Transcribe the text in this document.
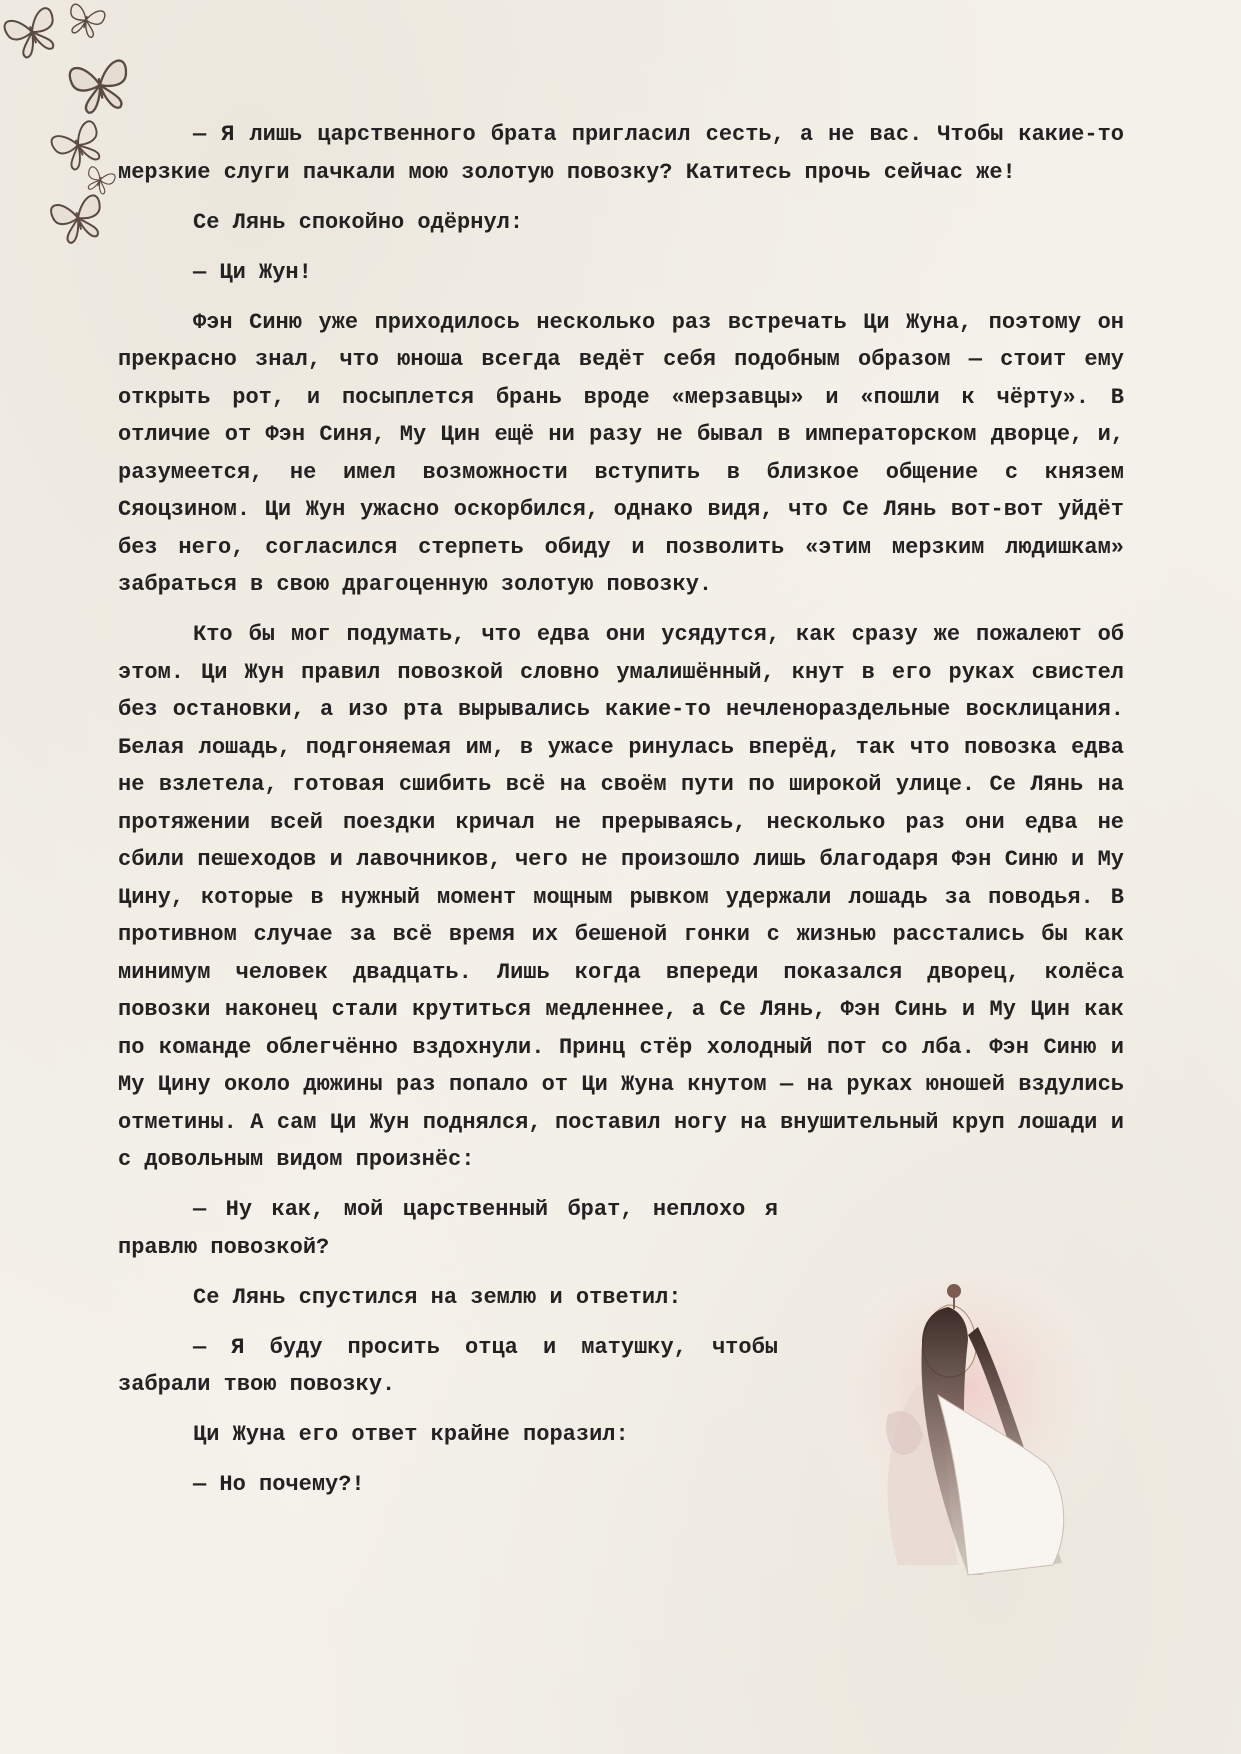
— Я лишь царственного брата пригласил сесть, а не вас. Чтобы какие-то мерзкие слуги пачкали мою золотую повозку? Катитесь прочь сейчас же!

Се Лянь спокойно одёрнул:

— Ци Жун!

Фэн Синю уже приходилось несколько раз встречать Ци Жуна, поэтому он прекрасно знал, что юноша всегда ведёт себя подобным образом — стоит ему открыть рот, и посыплется брань вроде «мерзавцы» и «пошли к чёрту». В отличие от Фэн Синя, Му Цин ещё ни разу не бывал в императорском дворце, и, разумеется, не имел возможности вступить в близкое общение с князем Сяоцзином. Ци Жун ужасно оскорбился, однако видя, что Се Лянь вот-вот уйдёт без него, согласился стерпеть обиду и позволить «этим мерзким людишкам» забраться в свою драгоценную золотую повозку.

Кто бы мог подумать, что едва они усядутся, как сразу же пожалеют об этом. Ци Жун правил повозкой словно умалишённый, кнут в его руках свистел без остановки, а изо рта вырывались какие-то нечленораздельные восклицания. Белая лошадь, подгоняемая им, в ужасе ринулась вперёд, так что повозка едва не взлетела, готовая сшибить всё на своём пути по широкой улице. Се Лянь на протяжении всей поездки кричал не прерываясь, несколько раз они едва не сбили пешеходов и лавочников, чего не произошло лишь благодаря Фэн Синю и Му Цину, которые в нужный момент мощным рывком удержали лошадь за поводья. В противном случае за всё время их бешеной гонки с жизнью расстались бы как минимум человек двадцать. Лишь когда впереди показался дворец, колёса повозки наконец стали крутиться медленнее, а Се Лянь, Фэн Синь и Му Цин как по команде облегчённо вздохнули. Принц стёр холодный пот со лба. Фэн Синю и Му Цину около дюжины раз попало от Ци Жуна кнутом — на руках юношей вздулись отметины. А сам Ци Жун поднялся, поставил ногу на внушительный круп лошади и с довольным видом произнёс:

— Ну как, мой царственный брат, неплохо я правлю повозкой?

Се Лянь спустился на землю и ответил:

— Я буду просить отца и матушку, чтобы забрали твою повозку.

Ци Жуна его ответ крайне поразил:

— Но почему?!
